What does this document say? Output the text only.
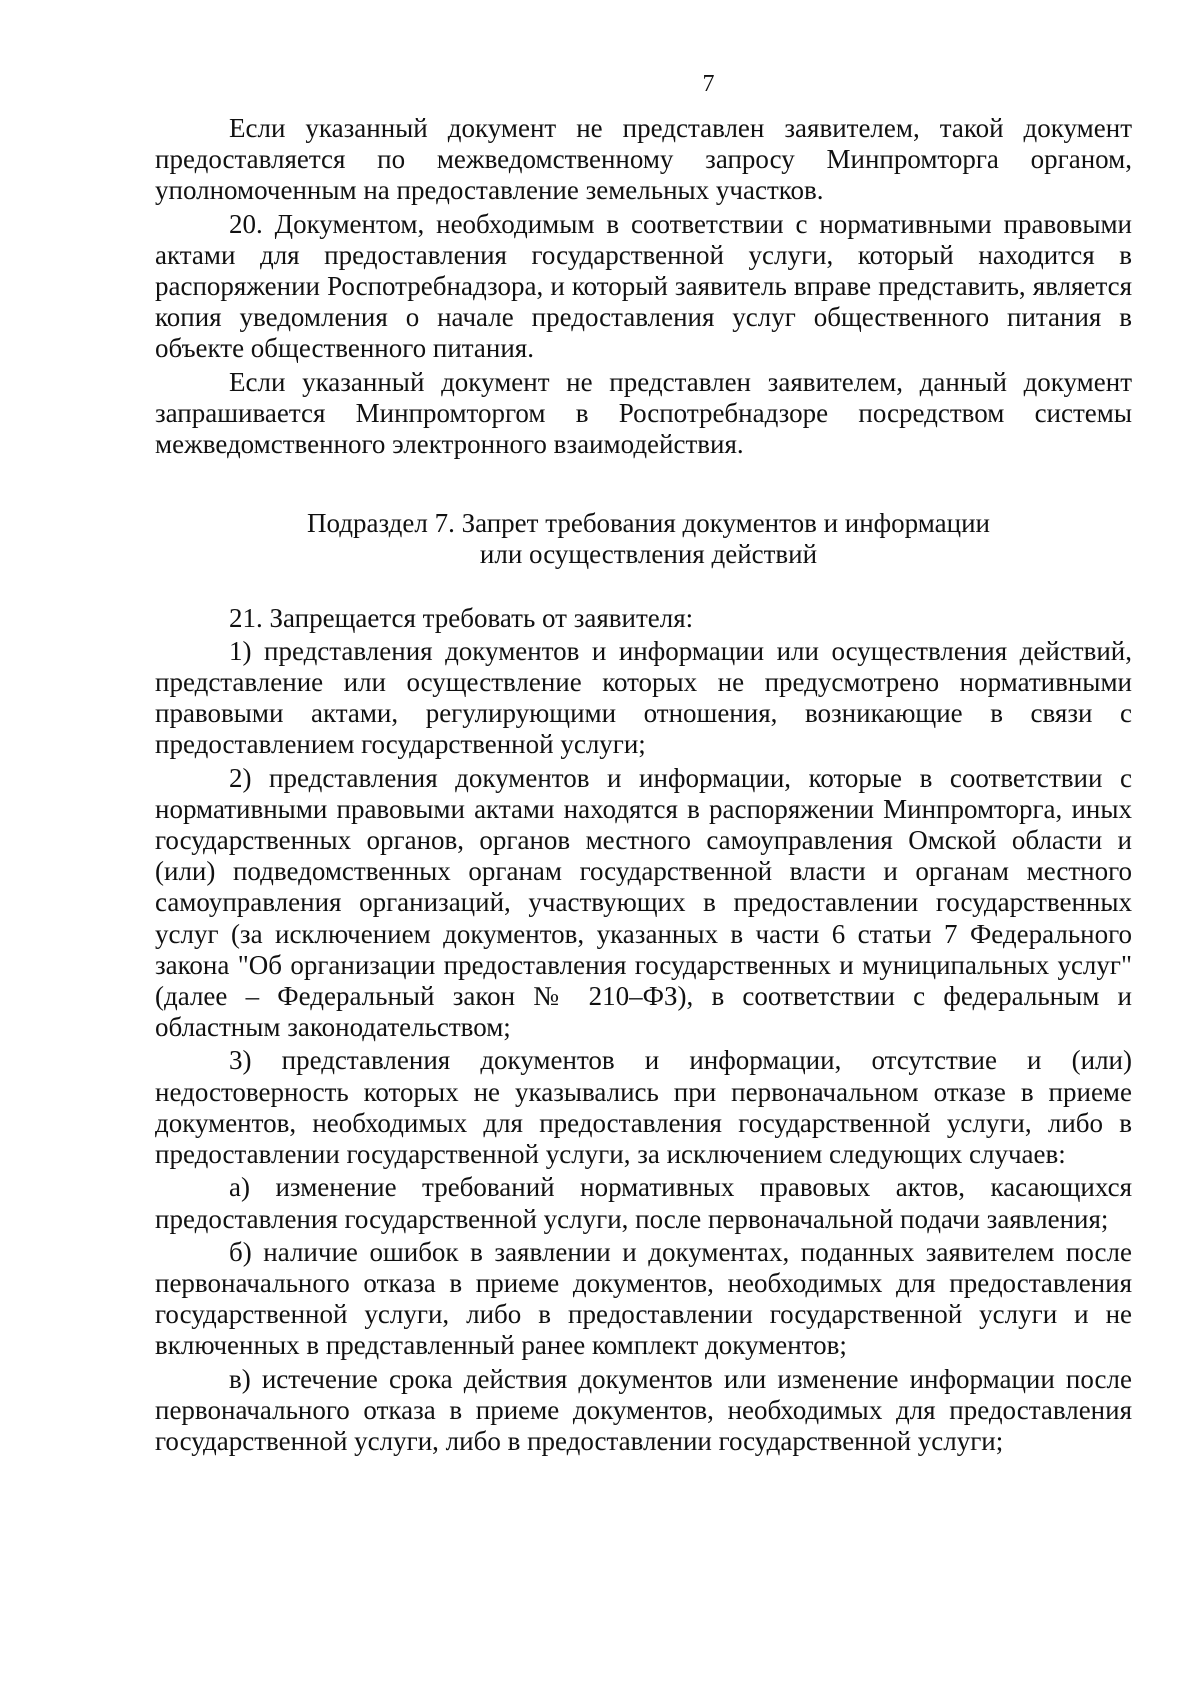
7

Если указанный документ не представлен заявителем, такой документ предоставляется по межведомственному запросу Минпромторга органом, уполномоченным на предоставление земельных участков.

20. Документом, необходимым в соответствии с нормативными правовыми актами для предоставления государственной услуги, который находится в распоряжении Роспотребнадзора, и который заявитель вправе представить, является копия уведомления о начале предоставления услуг общественного питания в объекте общественного питания.

Если указанный документ не представлен заявителем, данный документ запрашивается Минпромторгом в Роспотребнадзоре посредством системы межведомственного электронного взаимодействия.

Подраздел 7. Запрет требования документов и информации
или осуществления действий

21. Запрещается требовать от заявителя:

1) представления документов и информации или осуществления действий, представление или осуществление которых не предусмотрено нормативными правовыми актами, регулирующими отношения, возникающие в связи с предоставлением государственной услуги;

2) представления документов и информации, которые в соответствии с нормативными правовыми актами находятся в распоряжении Минпромторга, иных государственных органов, органов местного самоуправления Омской области и (или) подведомственных органам государственной власти и органам местного самоуправления организаций, участвующих в предоставлении государственных услуг (за исключением документов, указанных в части 6 статьи 7 Федерального закона "Об организации предоставления государственных и муниципальных услуг" (далее – Федеральный закон № 210–ФЗ), в соответствии с федеральным и областным законодательством;

3) представления документов и информации, отсутствие и (или) недостоверность которых не указывались при первоначальном отказе в приеме документов, необходимых для предоставления государственной услуги, либо в предоставлении государственной услуги, за исключением следующих случаев:

а) изменение требований нормативных правовых актов, касающихся предоставления государственной услуги, после первоначальной подачи заявления;

б) наличие ошибок в заявлении и документах, поданных заявителем после первоначального отказа в приеме документов, необходимых для предоставления государственной услуги, либо в предоставлении государственной услуги и не включенных в представленный ранее комплект документов;

в) истечение срока действия документов или изменение информации после первоначального отказа в приеме документов, необходимых для предоставления государственной услуги, либо в предоставлении государственной услуги;
